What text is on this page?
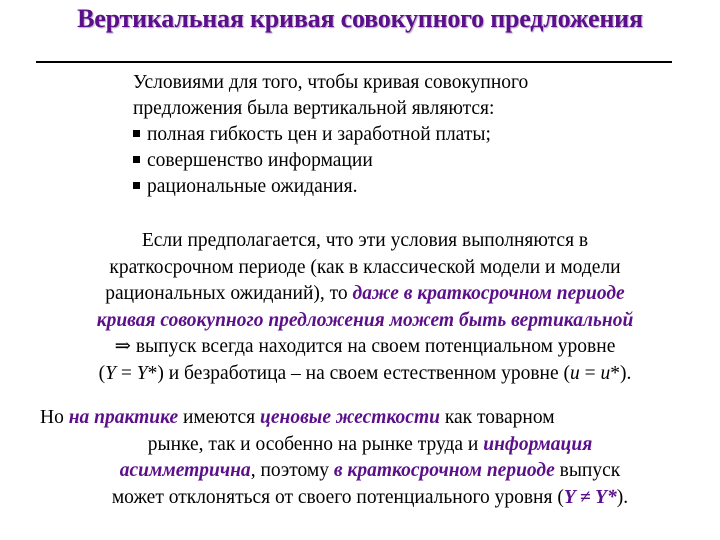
Вертикальная кривая совокупного предложения
Условиями для того, чтобы кривая совокупного
предложения была вертикальной являются:
полная гибкость цен и заработной платы;
совершенство информации
рациональные ожидания.
Если предполагается, что эти условия выполняются в
краткосрочном периоде (как в классической модели и модели
рациональных ожиданий), то даже в краткосрочном периоде
кривая совокупного предложения может быть вертикальной
⇒ выпуск всегда находится на своем потенциальном уровне
(Y = Y*) и безработица – на своем естественном уровне (u = u*).
Но на практике имеются ценовые жесткости как товарном
рынке, так и особенно на рынке труда и информация
асимметрична, поэтому в краткосрочном периоде выпуск
может отклоняться от своего потенциального уровня (Y ≠ Y*).
